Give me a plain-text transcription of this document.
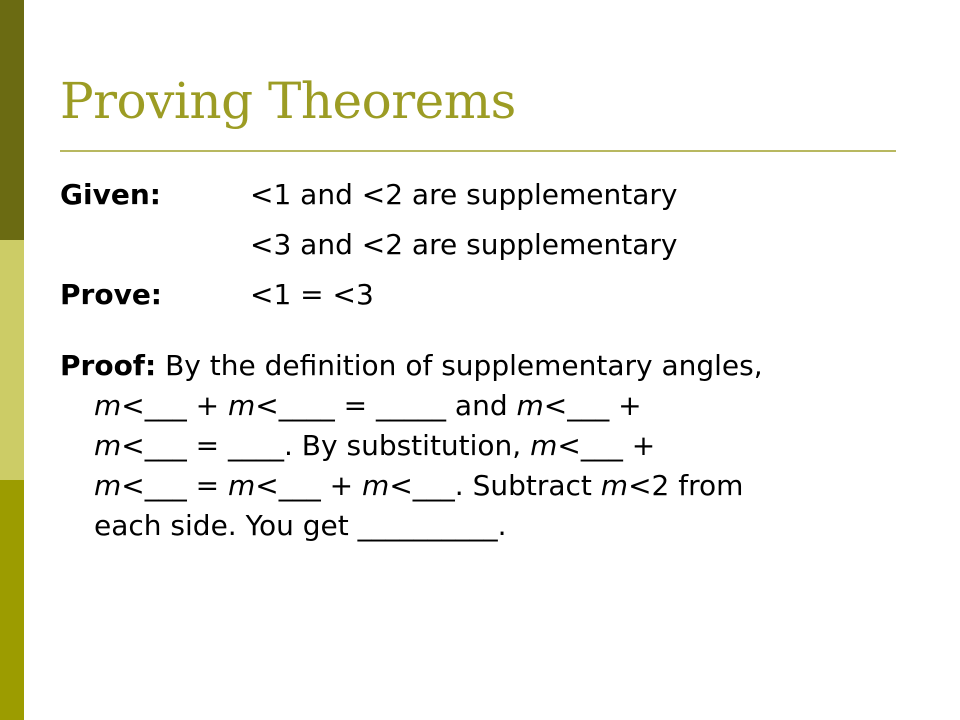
Proving Theorems
Given:	<1 and <2 are supplementary
<3 and <2 are supplementary
Prove:	<1 = <3
Proof: By the definition of supplementary angles,
m<___ + m<____ = _____ and m<___ +
m<___ = ____. By substitution, m<___ +
m<___ = m<___ + m<___. Subtract m<2 from
each side. You get __________.
